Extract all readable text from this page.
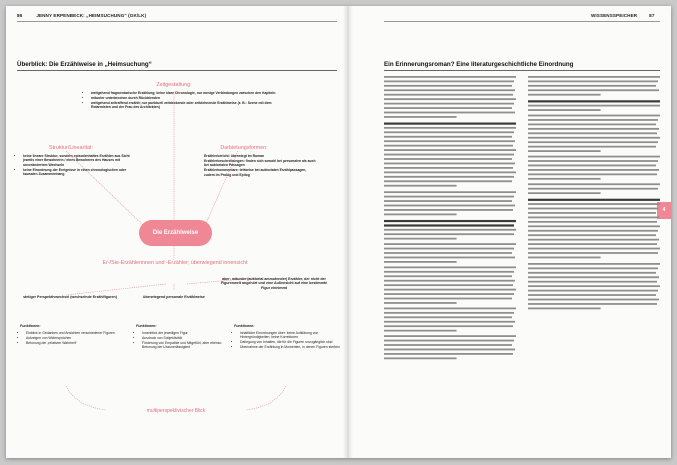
86	JENNY ERPENBECK: „HEIMSUCHUNG“ (GK/LK)	WISSENSSPEICHER	87
Überblick: Die Erzählweise in „Heimsuchung“
Zeitgestaltung:
• weitgehend fragmentarische Erzählung; keine klare Chronologie, nur wenige Verbindungen zwischen den Kapiteln
• mitunter unterbrochen durch Rückblenden
• weitgehend zeitraffend erzählt; nur punktuell zeitdeckende oder zeitdehnende Erzählweise (z. B.: Szene mit dem Rotarmisten und der Frau des Architekten)
Struktur/Linearität:
• keine lineare Struktur, sondern episodenhaftes Erzählen aus Sicht jeweils einer Bewohnerin / eines Bewohners des Hauses mit unverändertem Wechseln
• keine Einordnung der Ereignisse in einen chronologischen oder kausalen Zusammenhang
Darbietungsformen:
Erzählerbericht: überwiegt im Roman
Erzählerbeschreibungen: finden sich sowohl bei personalen als auch bei auktorialen Passagen
Erzählerkommentare: teilweise bei auktorialen Erzählpassagen, zudem im Prolog und Epilog
Die Erzählweise
Er-/Sie-Erzählerinnen und -Erzähler; überwiegend innensicht
stetiger Perspektivwechsel (wechselnde Erzählfiguren)	überwiegend personale Erzählweise
aber: mitunter (auktorial ammutender) Erzähler, der nicht der Figurenwelt angehört und eine Außensicht auf eine bestimmte Figur einnimmt
Funktionen:
• Einblick in Gedanken und Ansichten verschiedener Figuren
• Aufzeigen von Widersprüchen
• Betonung der „relativen Wahrheit“
Funktionen:
• Innenblick der jeweiligen Figur
• Ausdruck von Subjektivität
• Förderung von Empathie und Mitgefühl, aber ebenso Betonung der Unzuverlässigkeit
Funktionen:
• inhaltliche Einordnungen über: keine Aufklärung von Hintergründigkeiten, keine Korrekturen
• Darlegung von Inhalten, die für die Figuren unzugänglich sind
• Übernahme der Erzählung in Momenten, in denen Figuren sterben
multiperspektivischer Blick
Ein Erinnerungsroman? Eine literaturgeschichtliche Einordnung
4
